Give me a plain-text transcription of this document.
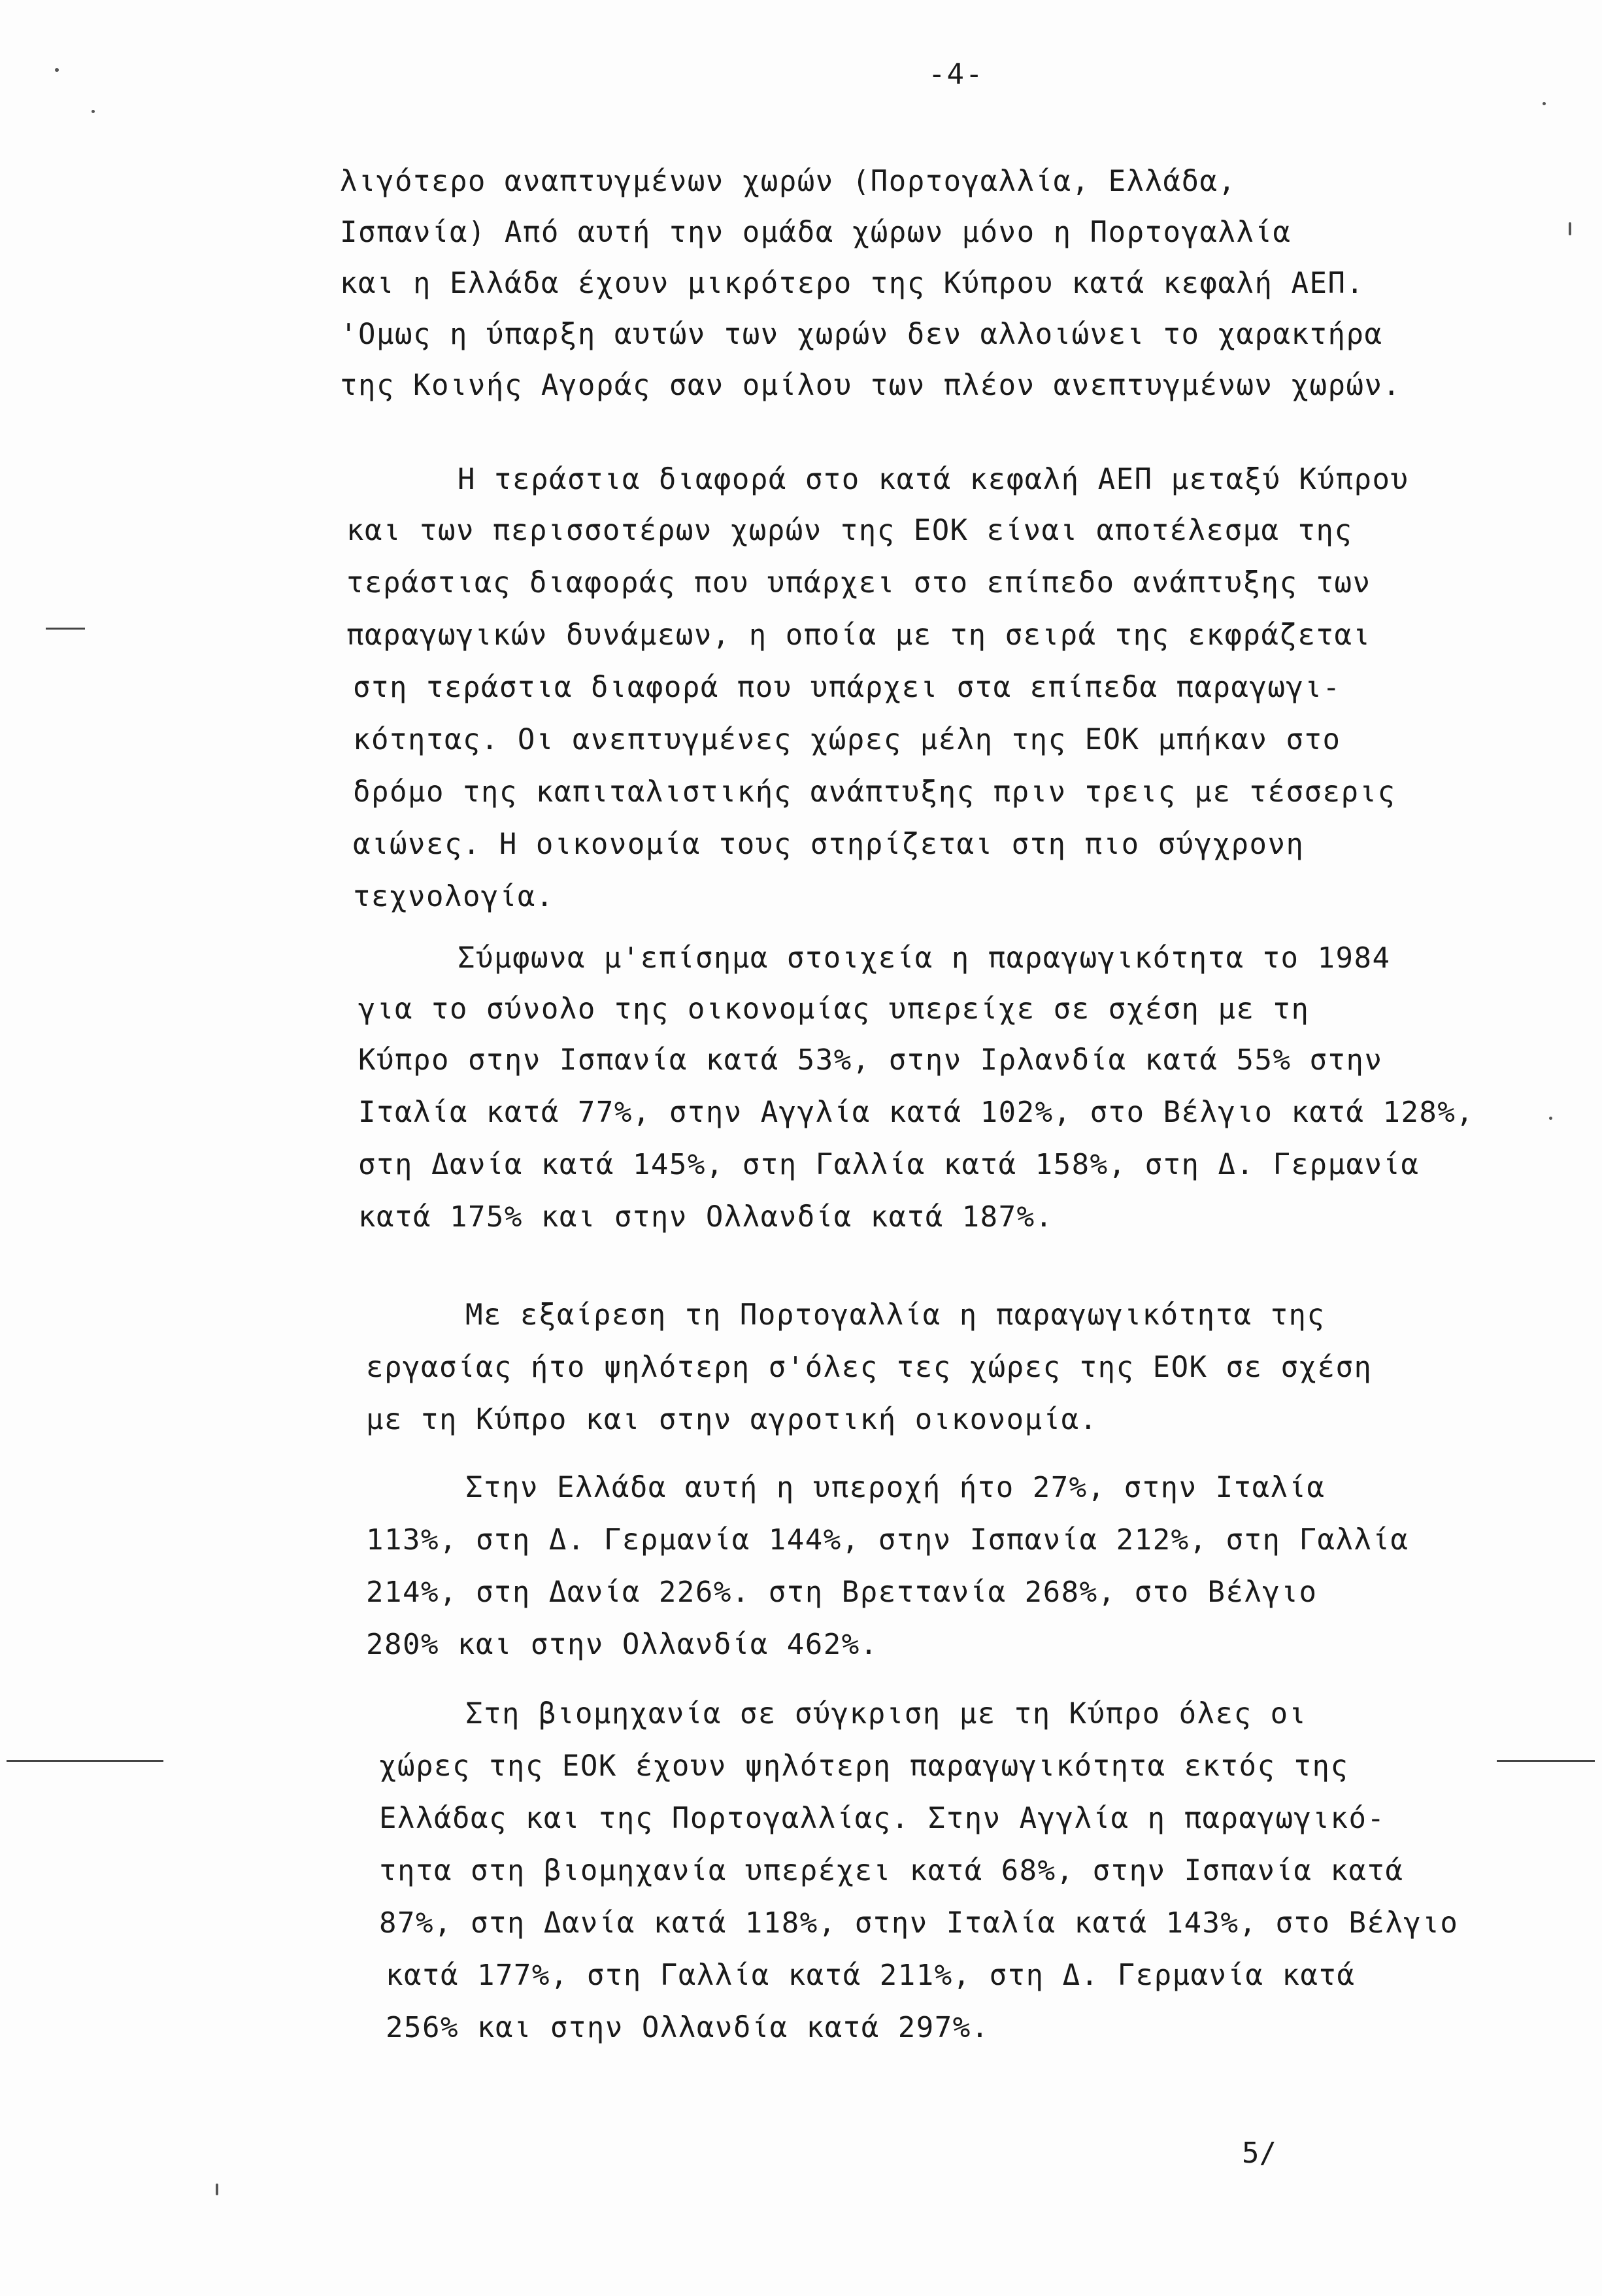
-4-
λιγότερο αναπτυγμένων χωρών (Πορτογαλλία, Ελλάδα,
Ισπανία) Από αυτή την ομάδα χώρων μόνο η Πορτογαλλία
και η Ελλάδα έχουν μικρότερο της Κύπρου κατά κεφαλή ΑΕΠ.
'Ομως η ύπαρξη αυτών των χωρών δεν αλλοιώνει το χαρακτήρα
της Κοινής Αγοράς σαν ομίλου των πλέον ανεπτυγμένων χωρών.
Η τεράστια διαφορά στο κατά κεφαλή ΑΕΠ μεταξύ Κύπρου
και των περισσοτέρων χωρών της ΕΟΚ είναι αποτέλεσμα της
τεράστιας διαφοράς που υπάρχει στο επίπεδο ανάπτυξης των
παραγωγικών δυνάμεων, η οποία με τη σειρά της εκφράζεται
στη τεράστια διαφορά που υπάρχει στα επίπεδα παραγωγι-
κότητας. Οι ανεπτυγμένες χώρες μέλη της ΕΟΚ μπήκαν στο
δρόμο της καπιταλιστικής ανάπτυξης πριν τρεις με τέσσερις
αιώνες. Η οικονομία τους στηρίζεται στη πιο σύγχρονη
τεχνολογία.
Σύμφωνα μ'επίσημα στοιχεία η παραγωγικότητα το 1984
για το σύνολο της οικονομίας υπερείχε σε σχέση με τη
Κύπρο στην Ισπανία κατά 53%, στην Ιρλανδία κατά 55% στην
Ιταλία κατά 77%, στην Αγγλία κατά 102%, στο Βέλγιο κατά 128%,
στη Δανία κατά 145%, στη Γαλλία κατά 158%, στη Δ. Γερμανία
κατά 175% και στην Ολλανδία κατά 187%.
Με εξαίρεση τη Πορτογαλλία η παραγωγικότητα της
εργασίας ήτο ψηλότερη σ'όλες τες χώρες της ΕΟΚ σε σχέση
με τη Κύπρο και στην αγροτική οικονομία.
Στην Ελλάδα αυτή η υπεροχή ήτο 27%, στην Ιταλία
113%, στη Δ. Γερμανία 144%, στην Ισπανία 212%, στη Γαλλία
214%, στη Δανία 226%. στη Βρεττανία 268%, στο Βέλγιο
280% και στην Ολλανδία 462%.
Στη βιομηχανία σε σύγκριση με τη Κύπρο όλες οι
χώρες της ΕΟΚ έχουν ψηλότερη παραγωγικότητα εκτός της
Ελλάδας και της Πορτογαλλίας. Στην Αγγλία η παραγωγικό-
τητα στη βιομηχανία υπερέχει κατά 68%, στην Ισπανία κατά
87%, στη Δανία κατά 118%, στην Ιταλία κατά 143%, στο Βέλγιο
κατά 177%, στη Γαλλία κατά 211%, στη Δ. Γερμανία κατά
256% και στην Ολλανδία κατά 297%.
5/
